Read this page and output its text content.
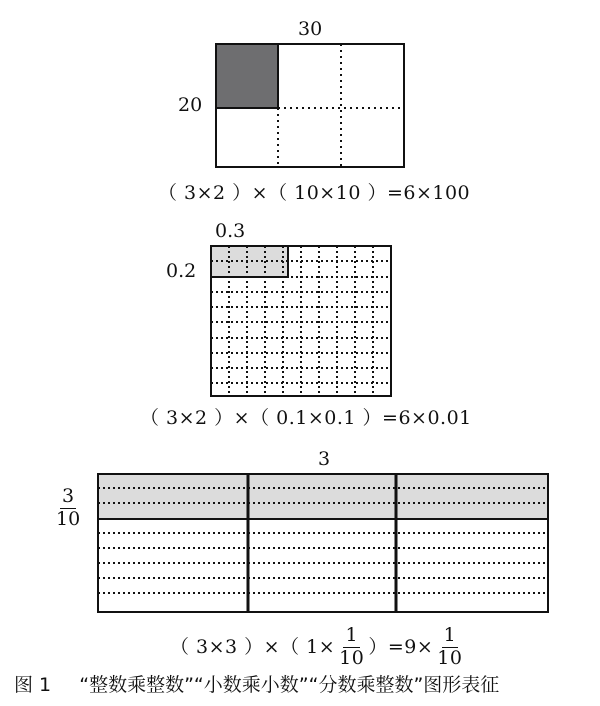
30
20
（ 3×2 ）×（ 10×10 ）=6×100
0.3
0.2
（ 3×2 ）×（ 0.1×0.1 ）=6×0.01
3
$\frac{3}{10}$
（ 3×3 ）×（ $1\times \frac{1}{10} )=9\times \frac{1}{10}$
图 1 “整数乘整数”“小数乘小数”“分数乘整数”图形表征
